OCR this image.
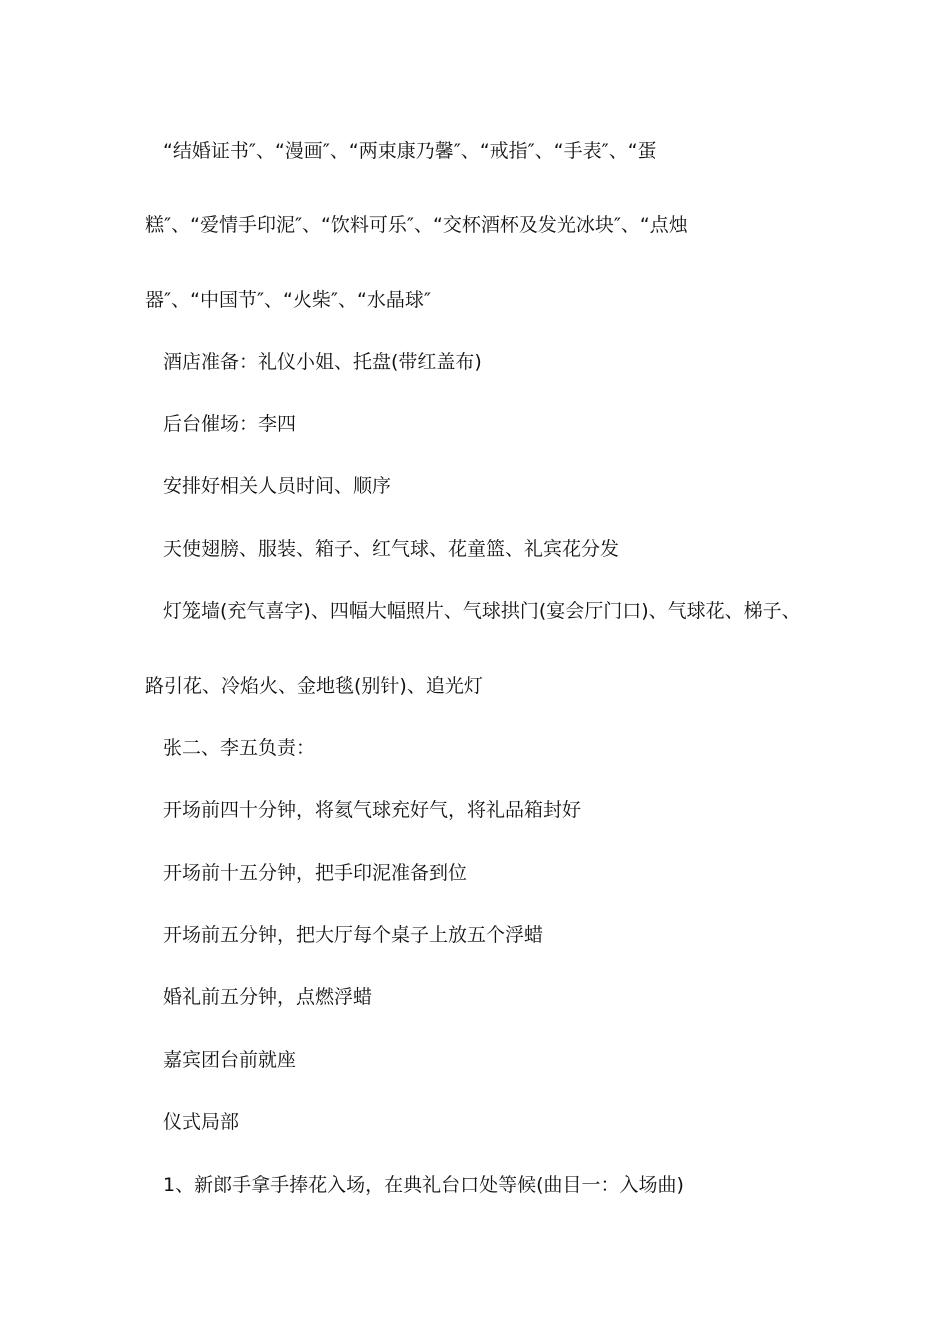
“结婚证书″、“漫画″、“两束康乃馨″、“戒指″、“手表″、“蛋
糕″、“爱情手印泥″、“饮料可乐″、“交杯酒杯及发光冰块″、“点烛
器″、“中国节″、“火柴″、“水晶球″
酒店准备：礼仪小姐、托盘(带红盖布)
后台催场：李四
安排好相关人员时间、顺序
天使翅膀、服装、箱子、红气球、花童篮、礼宾花分发
灯笼墙(充气喜字)、四幅大幅照片、气球拱门(宴会厅门口)、气球花、梯子、
路引花、冷焰火、金地毯(别针)、追光灯
张二、李五负责：
开场前四十分钟，将氦气球充好气，将礼品箱封好
开场前十五分钟，把手印泥准备到位
开场前五分钟，把大厅每个桌子上放五个浮蜡
婚礼前五分钟，点燃浮蜡
嘉宾团台前就座
仪式局部
1、新郎手拿手捧花入场，在典礼台口处等候(曲目一：入场曲)
